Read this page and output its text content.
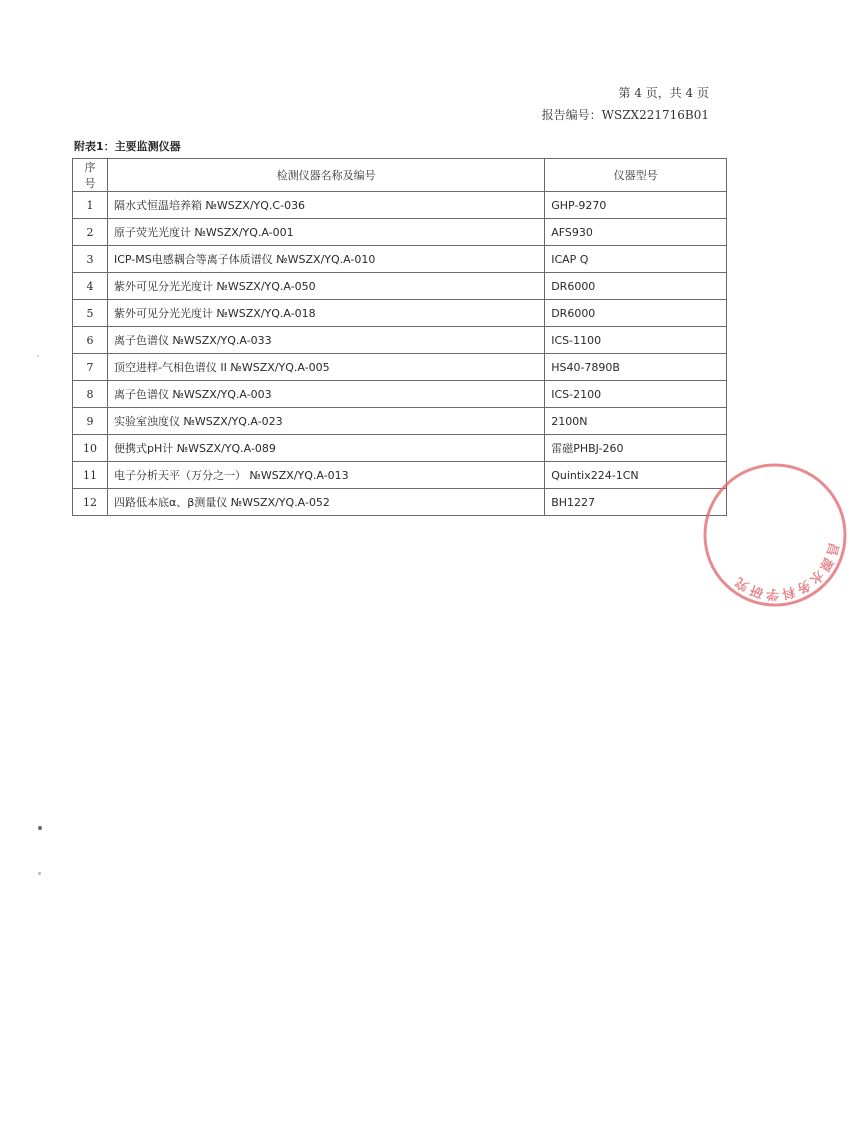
第 4 页，共 4 页
报告编号：WSZX221716B01
附表1：主要监测仪器
序号	检测仪器名称及编号	仪器型号
1	隔水式恒温培养箱 №WSZX/YQ.C-036	GHP-9270
2	原子荧光光度计 №WSZX/YQ.A-001	AFS930
3	ICP-MS电感耦合等离子体质谱仪 №WSZX/YQ.A-010	ICAP Q
4	紫外可见分光光度计 №WSZX/YQ.A-050	DR6000
5	紫外可见分光光度计 №WSZX/YQ.A-018	DR6000
6	离子色谱仪 №WSZX/YQ.A-033	ICS-1100
7	顶空进样-气相色谱仪 II №WSZX/YQ.A-005	HS40-7890B
8	离子色谱仪 №WSZX/YQ.A-003	ICS-2100
9	实验室浊度仪 №WSZX/YQ.A-023	2100N
10	便携式pH计 №WSZX/YQ.A-089	雷磁PHBJ-260
11	电子分析天平（万分之一） №WSZX/YQ.A-013	Quintix224-1CN
12	四路低本底α、β测量仪 №WSZX/YQ.A-052	BH1227
昌源水务科学研究
